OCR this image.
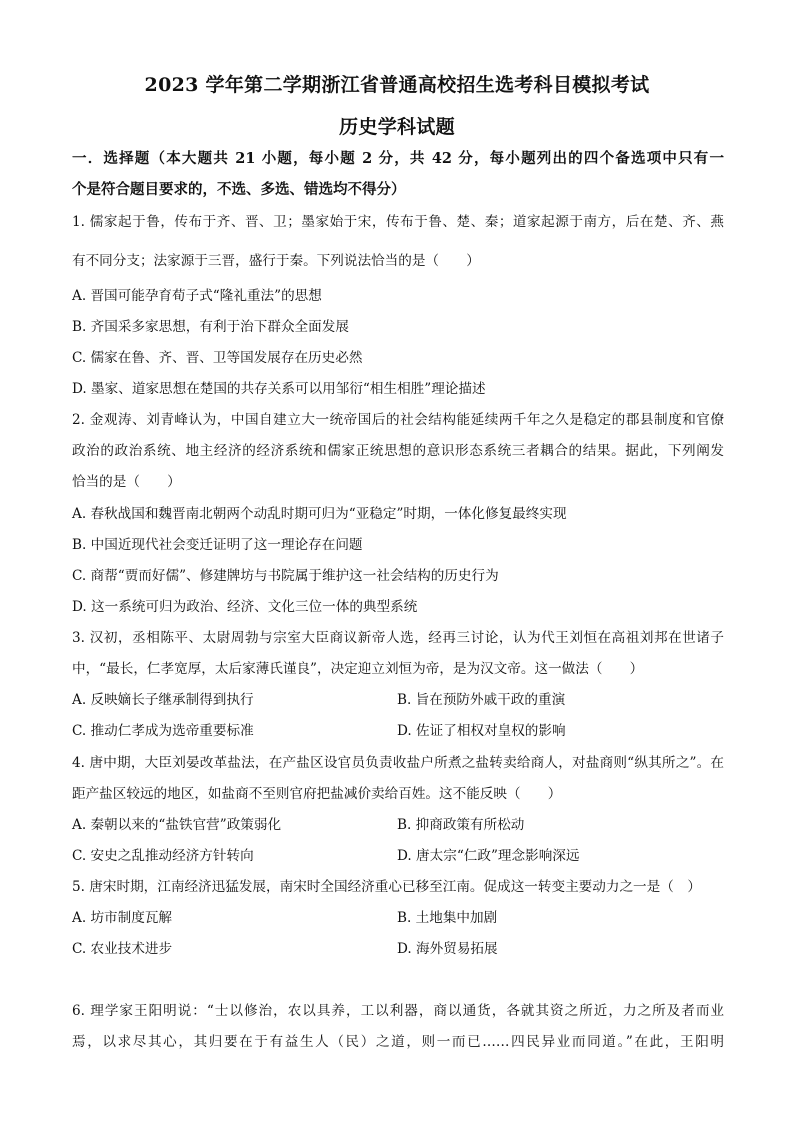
2023 学年第二学期浙江省普通高校招生选考科目模拟考试
历史学科试题
一．选择题（本大题共 21 小题，每小题 2 分，共 42 分，每小题列出的四个备选项中只有一
个是符合题目要求的，不选、多选、错选均不得分）
1. 儒家起于鲁，传布于齐、晋、卫；墨家始于宋，传布于鲁、楚、秦；道家起源于南方，后在楚、齐、燕
有不同分支；法家源于三晋，盛行于秦。下列说法恰当的是（　　）
A. 晋国可能孕育荀子式“隆礼重法”的思想
B. 齐国采多家思想，有利于治下群众全面发展
C. 儒家在鲁、齐、晋、卫等国发展存在历史必然
D. 墨家、道家思想在楚国的共存关系可以用邹衍“相生相胜”理论描述
2. 金观涛、刘青峰认为，中国自建立大一统帝国后的社会结构能延续两千年之久是稳定的郡县制度和官僚
政治的政治系统、地主经济的经济系统和儒家正统思想的意识形态系统三者耦合的结果。据此，下列阐发
恰当的是（　　）
A. 春秋战国和魏晋南北朝两个动乱时期可归为“亚稳定”时期，一体化修复最终实现
B. 中国近现代社会变迁证明了这一理论存在问题
C. 商帮“贾而好儒”、修建牌坊与书院属于维护这一社会结构的历史行为
D. 这一系统可归为政治、经济、文化三位一体的典型系统
3. 汉初，丞相陈平、太尉周勃与宗室大臣商议新帝人选，经再三讨论，认为代王刘恒在高祖刘邦在世诸子
中，“最长，仁孝宽厚，太后家薄氏谨良”，决定迎立刘恒为帝，是为汉文帝。这一做法（　　）
A. 反映嫡长子继承制得到执行	B. 旨在预防外戚干政的重演
C. 推动仁孝成为选帝重要标准	D. 佐证了相权对皇权的影响
4. 唐中期，大臣刘晏改革盐法，在产盐区设官员负责收盐户所煮之盐转卖给商人，对盐商则“纵其所之”。在
距产盐区较远的地区，如盐商不至则官府把盐减价卖给百姓。这不能反映（　　）
A. 秦朝以来的“盐铁官营”政策弱化	B. 抑商政策有所松动
C. 安史之乱推动经济方针转向	D. 唐太宗“仁政”理念影响深远
5. 唐宋时期，江南经济迅猛发展，南宋时全国经济重心已移至江南。促成这一转变主要动力之一是（　）
A. 坊市制度瓦解	B. 土地集中加剧
C. 农业技术进步	D. 海外贸易拓展
6. 理学家王阳明说：“士以修治，农以具养，工以利器，商以通货，各就其资之所近，力之所及者而业
焉，以求尽其心，其归要在于有益生人（民）之道，则一而已……四民异业而同道。”在此，王阳明
